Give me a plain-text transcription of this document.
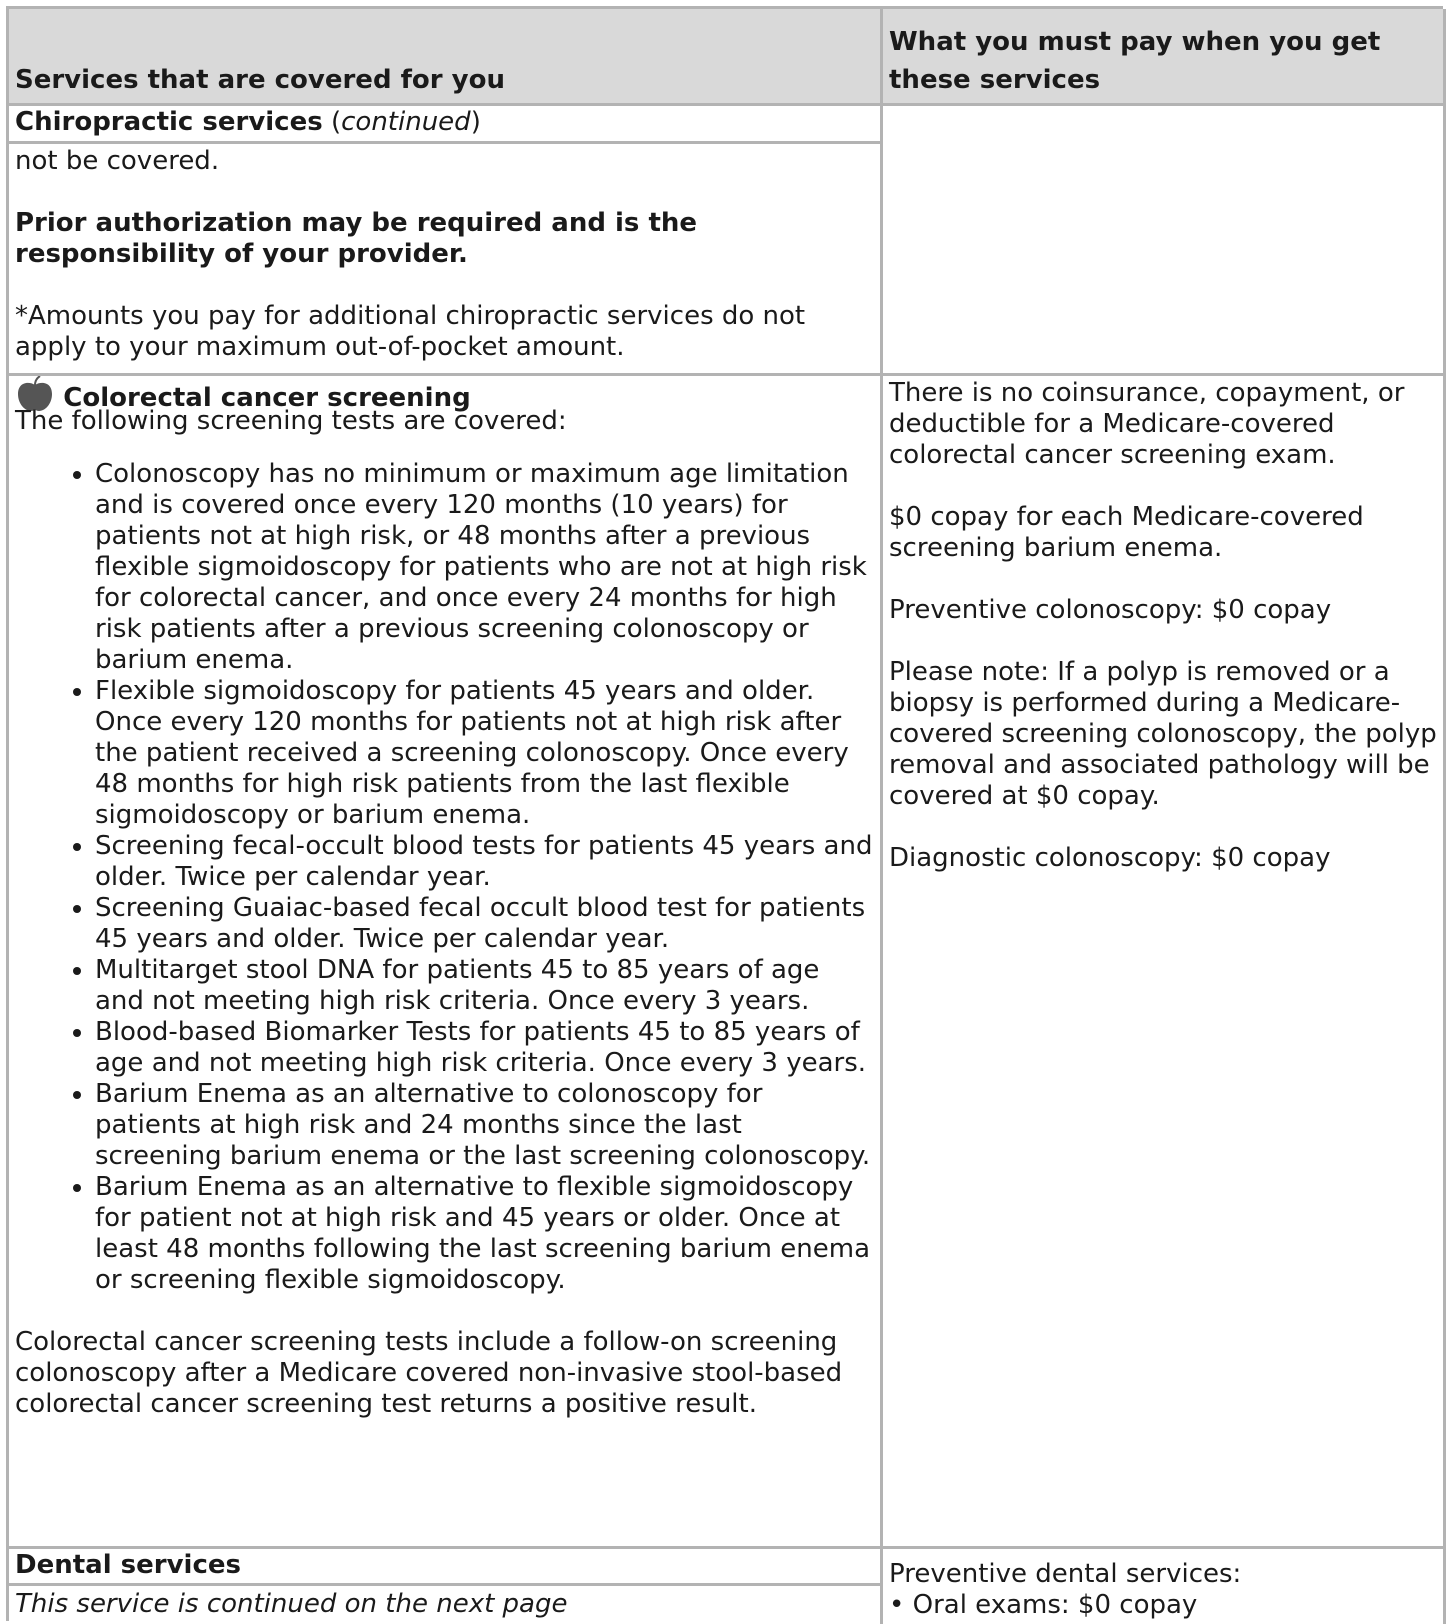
Services that are covered for you
What you must pay when you get these services
Chiropractic services (continued)

not be covered.

Prior authorization may be required and is the responsibility of your provider.

*Amounts you pay for additional chiropractic services do not apply to your maximum out-of-pocket amount.

Colorectal cancer screening

The following screening tests are covered:

• Colonoscopy has no minimum or maximum age limitation and is covered once every 120 months (10 years) for patients not at high risk, or 48 months after a previous flexible sigmoidoscopy for patients who are not at high risk for colorectal cancer, and once every 24 months for high risk patients after a previous screening colonoscopy or barium enema.
• Flexible sigmoidoscopy for patients 45 years and older. Once every 120 months for patients not at high risk after the patient received a screening colonoscopy. Once every 48 months for high risk patients from the last flexible sigmoidoscopy or barium enema.
• Screening fecal-occult blood tests for patients 45 years and older. Twice per calendar year.
• Screening Guaiac-based fecal occult blood test for patients 45 years and older. Twice per calendar year.
• Multitarget stool DNA for patients 45 to 85 years of age and not meeting high risk criteria. Once every 3 years.
• Blood-based Biomarker Tests for patients 45 to 85 years of age and not meeting high risk criteria. Once every 3 years.
• Barium Enema as an alternative to colonoscopy for patients at high risk and 24 months since the last screening barium enema or the last screening colonoscopy.
• Barium Enema as an alternative to flexible sigmoidoscopy for patient not at high risk and 45 years or older. Once at least 48 months following the last screening barium enema or screening flexible sigmoidoscopy.

Colorectal cancer screening tests include a follow-on screening colonoscopy after a Medicare covered non-invasive stool-based colorectal cancer screening test returns a positive result.

There is no coinsurance, copayment, or deductible for a Medicare-covered colorectal cancer screening exam.

$0 copay for each Medicare-covered screening barium enema.

Preventive colonoscopy: $0 copay

Please note: If a polyp is removed or a biopsy is performed during a Medicare-covered screening colonoscopy, the polyp removal and associated pathology will be covered at $0 copay.

Diagnostic colonoscopy: $0 copay

Dental services
This service is continued on the next page

Preventive dental services:

• Oral exams: $0 copay
